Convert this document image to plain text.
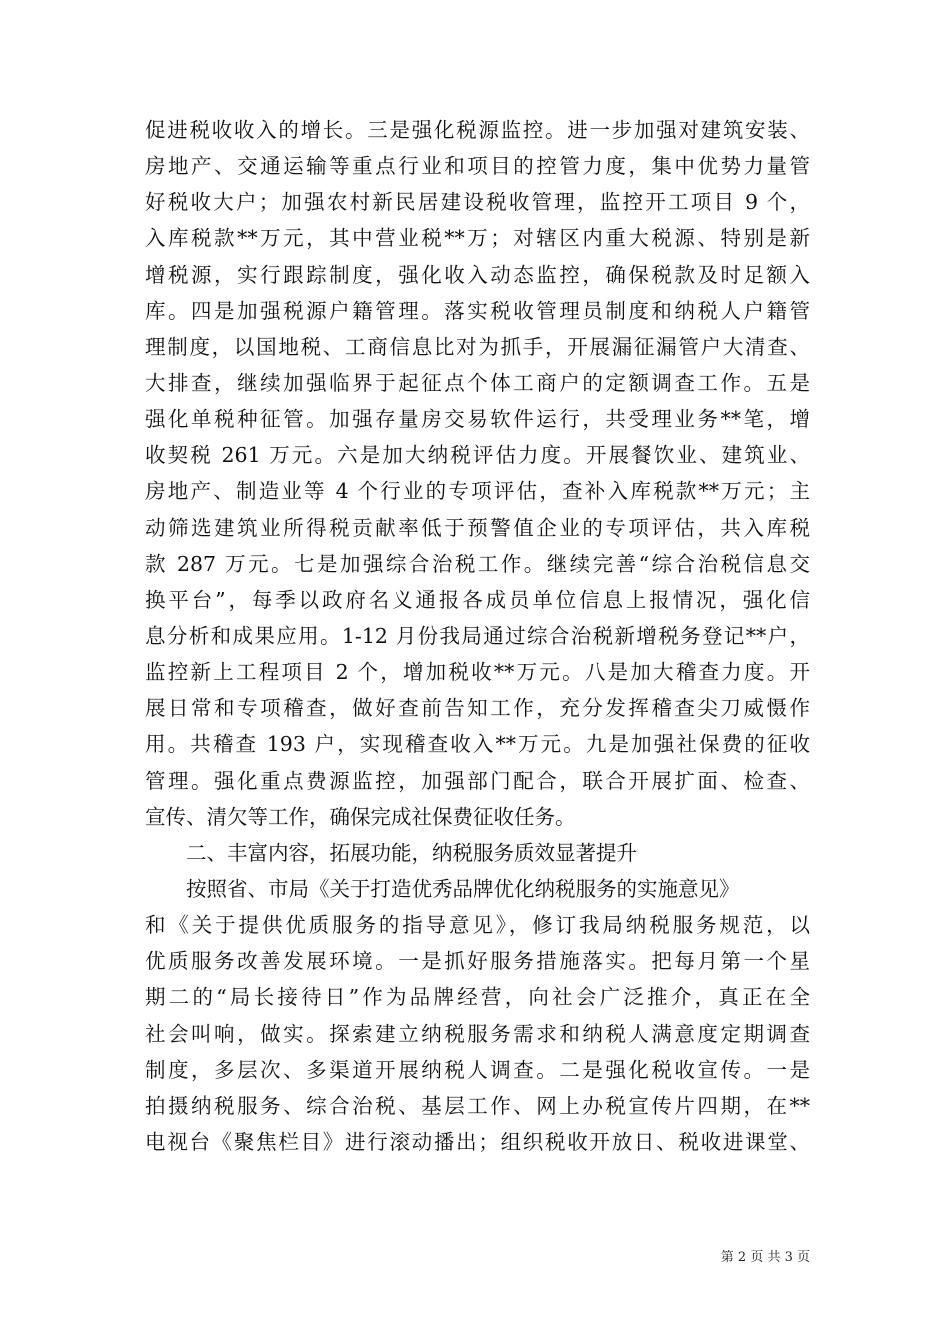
促进税收收入的增长。三是强化税源监控。进一步加强对建筑安装、
房地产、交通运输等重点行业和项目的控管力度，集中优势力量管
好税收大户；加强农村新民居建设税收管理，监控开工项目 9 个，
入库税款**万元，其中营业税**万；对辖区内重大税源、特别是新
增税源，实行跟踪制度，强化收入动态监控，确保税款及时足额入
库。四是加强税源户籍管理。落实税收管理员制度和纳税人户籍管
理制度，以国地税、工商信息比对为抓手，开展漏征漏管户大清查、
大排查，继续加强临界于起征点个体工商户的定额调查工作。五是
强化单税种征管。加强存量房交易软件运行，共受理业务**笔，增
收契税 261 万元。六是加大纳税评估力度。开展餐饮业、建筑业、
房地产、制造业等 4 个行业的专项评估，查补入库税款**万元；主
动筛选建筑业所得税贡献率低于预警值企业的专项评估，共入库税
款 287 万元。七是加强综合治税工作。继续完善“综合治税信息交
换平台”，每季以政府名义通报各成员单位信息上报情况，强化信
息分析和成果应用。1-12 月份我局通过综合治税新增税务登记**户，
监控新上工程项目 2 个，增加税收**万元。八是加大稽查力度。开
展日常和专项稽查，做好查前告知工作，充分发挥稽查尖刀威慑作
用。共稽查 193 户，实现稽查收入**万元。九是加强社保费的征收
管理。强化重点费源监控，加强部门配合，联合开展扩面、检查、
宣传、清欠等工作，确保完成社保费征收任务。
二、丰富内容，拓展功能，纳税服务质效显著提升
按照省、市局《关于打造优秀品牌优化纳税服务的实施意见》
和《关于提供优质服务的指导意见》，修订我局纳税服务规范，以
优质服务改善发展环境。一是抓好服务措施落实。把每月第一个星
期二的“局长接待日”作为品牌经营，向社会广泛推介，真正在全
社会叫响，做实。探索建立纳税服务需求和纳税人满意度定期调查
制度，多层次、多渠道开展纳税人调查。二是强化税收宣传。一是
拍摄纳税服务、综合治税、基层工作、网上办税宣传片四期，在**
电视台《聚焦栏目》进行滚动播出；组织税收开放日、税收进课堂、
第 2 页 共 3 页
